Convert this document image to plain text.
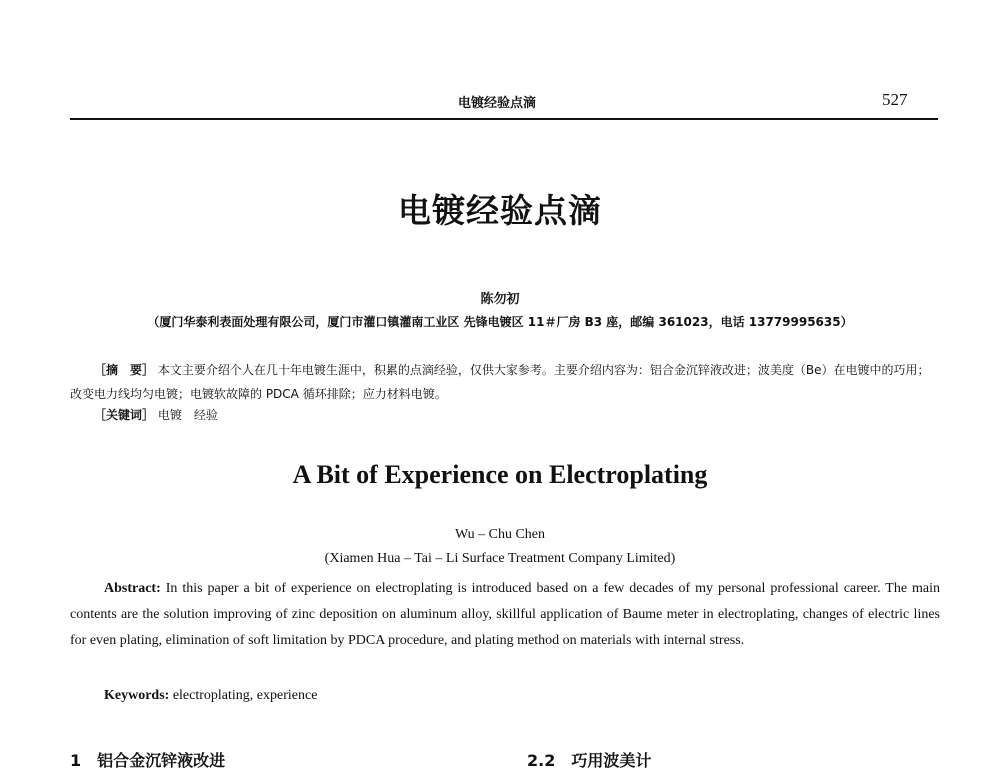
电镀经验点滴	527
电镀经验点滴
陈勿初
（厦门华泰利表面处理有限公司，厦门市灌口镇灌南工业区 先锋电镀区 11＃厂房 B3 座，邮编 361023，电话 13779995635）
［摘　要］ 本文主要介绍个人在几十年电镀生涯中，积累的点滴经验，仅供大家参考。主要介绍内容为：铝合金沉锌液改进；波美度（Be）在电镀中的巧用；改变电力线均匀电镀；电镀软故障的 PDCA 循环排除；应力材料电镀。
［关键词］ 电镀　经验
A Bit of Experience on Electroplating
Wu – Chu Chen
(Xiamen Hua – Tai – Li Surface Treatment Company Limited)
Abstract: In this paper a bit of experience on electroplating is introduced based on a few decades of my personal professional career. The main contents are the solution improving of zinc deposition on aluminum alloy, skillful application of Baume meter in electroplating, changes of electric lines for even plating, elimination of soft limitation by PDCA procedure, and plating method on materials with internal stress.
Keywords: electroplating, experience
1　铝合金沉锌液改进	2.2　巧用波美计
